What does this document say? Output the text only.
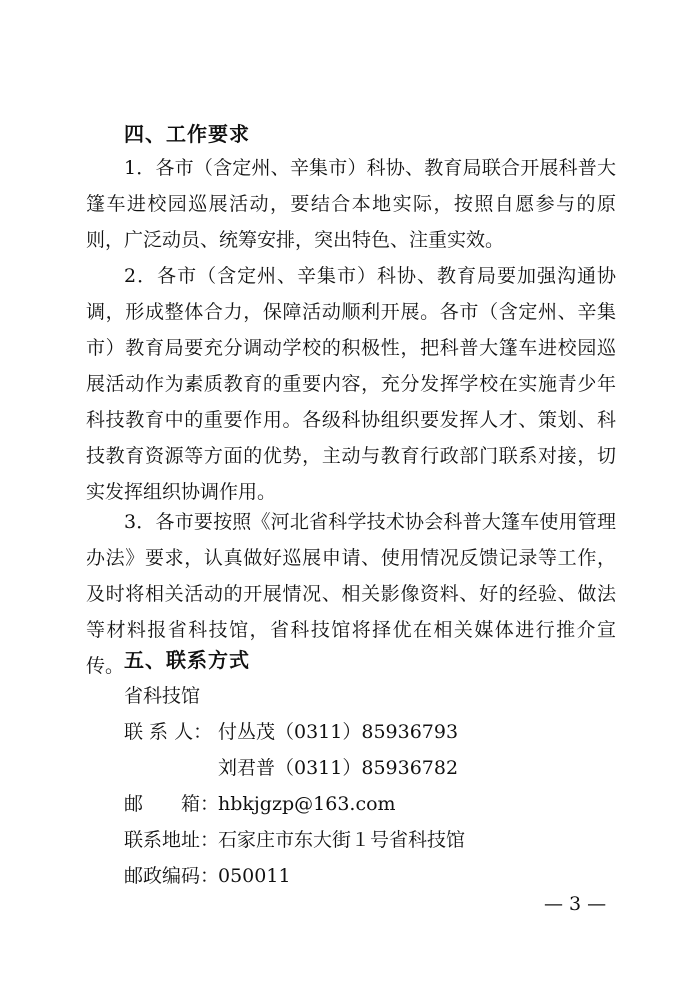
四、工作要求
1．各市（含定州、辛集市）科协、教育局联合开展科普大篷车进校园巡展活动，要结合本地实际，按照自愿参与的原则，广泛动员、统筹安排，突出特色、注重实效。
2．各市（含定州、辛集市）科协、教育局要加强沟通协调，形成整体合力，保障活动顺利开展。各市（含定州、辛集市）教育局要充分调动学校的积极性，把科普大篷车进校园巡展活动作为素质教育的重要内容，充分发挥学校在实施青少年科技教育中的重要作用。各级科协组织要发挥人才、策划、科技教育资源等方面的优势，主动与教育行政部门联系对接，切实发挥组织协调作用。
3．各市要按照《河北省科学技术协会科普大篷车使用管理办法》要求，认真做好巡展申请、使用情况反馈记录等工作，及时将相关活动的开展情况、相关影像资料、好的经验、做法等材料报省科技馆，省科技馆将择优在相关媒体进行推介宣传。 五、联系方式
省科技馆
联 系 人： 付丛茂（0311）85936793
刘君普（0311）85936782
邮　　箱：
hbkjgzp@163.com
联系地址：
石家庄市东大街１号省科技馆
邮政编码：
050011
— 3 —
